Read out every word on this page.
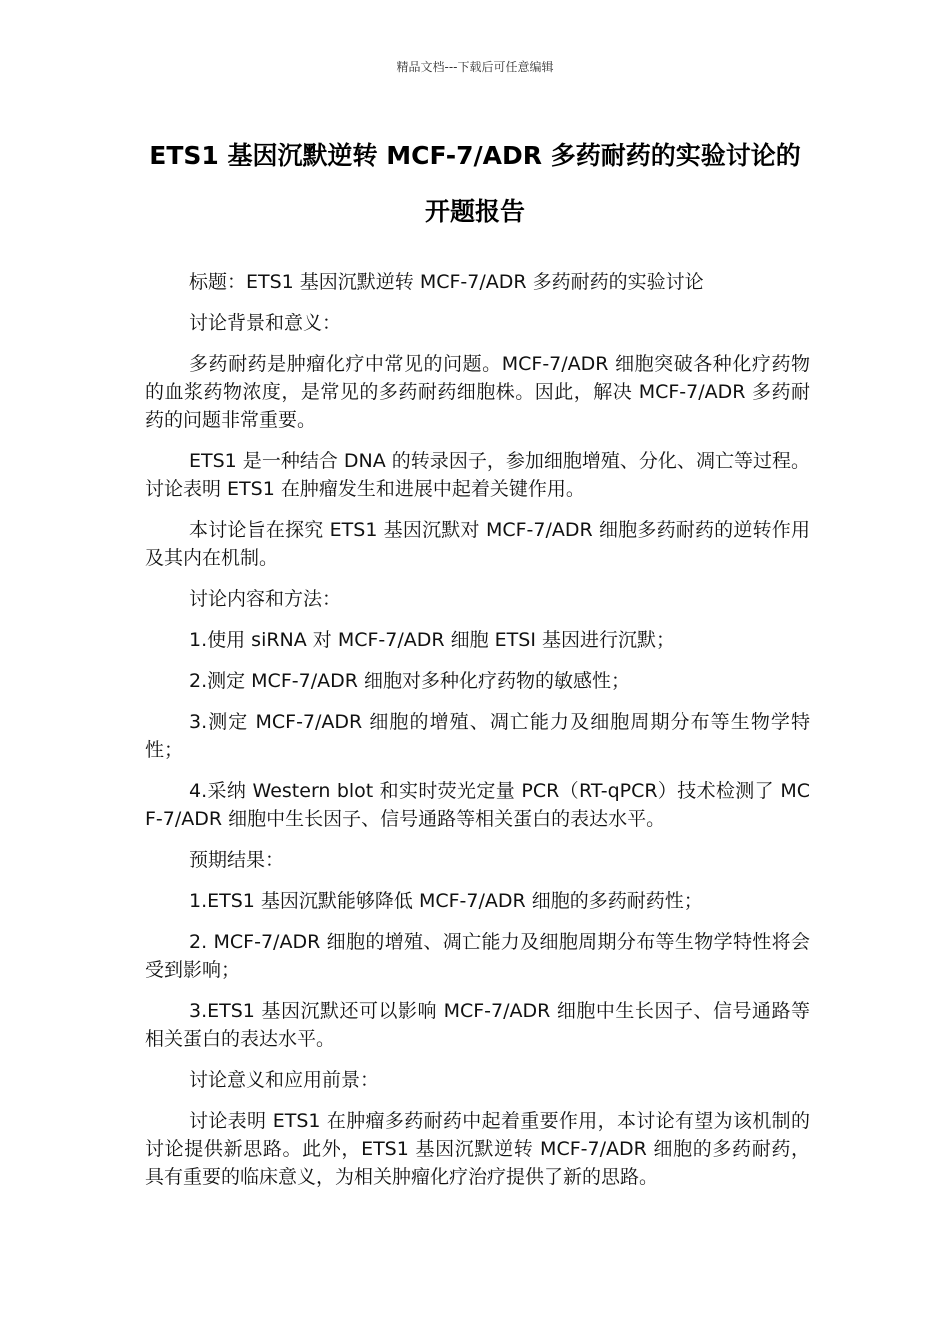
精品文档---下载后可任意编辑
ETS1 基因沉默逆转 MCF-7/ADR 多药耐药的实验讨论的开题报告

标题：ETS1 基因沉默逆转 MCF-7/ADR 多药耐药的实验讨论

讨论背景和意义：

多药耐药是肿瘤化疗中常见的问题。MCF-7/ADR 细胞突破各种化疗药物的血浆药物浓度，是常见的多药耐药细胞株。因此，解决 MCF-7/ADR 多药耐药的问题非常重要。

ETS1 是一种结合 DNA 的转录因子，参加细胞增殖、分化、凋亡等过程。讨论表明 ETS1 在肿瘤发生和进展中起着关键作用。

本讨论旨在探究 ETS1 基因沉默对 MCF-7/ADR 细胞多药耐药的逆转作用及其内在机制。

讨论内容和方法：

1.使用 siRNA 对 MCF-7/ADR 细胞 ETSI 基因进行沉默；

2.测定 MCF-7/ADR 细胞对多种化疗药物的敏感性；

3.测定 MCF-7/ADR 细胞的增殖、凋亡能力及细胞周期分布等生物学特性；

4.采纳 Western blot 和实时荧光定量 PCR（RT-qPCR）技术检测了 MCF-7/ADR 细胞中生长因子、信号通路等相关蛋白的表达水平。

预期结果：

1.ETS1 基因沉默能够降低 MCF-7/ADR 细胞的多药耐药性；

2. MCF-7/ADR 细胞的增殖、凋亡能力及细胞周期分布等生物学特性将会受到影响；

3.ETS1 基因沉默还可以影响 MCF-7/ADR 细胞中生长因子、信号通路等相关蛋白的表达水平。

讨论意义和应用前景：

讨论表明 ETS1 在肿瘤多药耐药中起着重要作用，本讨论有望为该机制的讨论提供新思路。此外，ETS1 基因沉默逆转 MCF-7/ADR 细胞的多药耐药，具有重要的临床意义，为相关肿瘤化疗治疗提供了新的思路。
